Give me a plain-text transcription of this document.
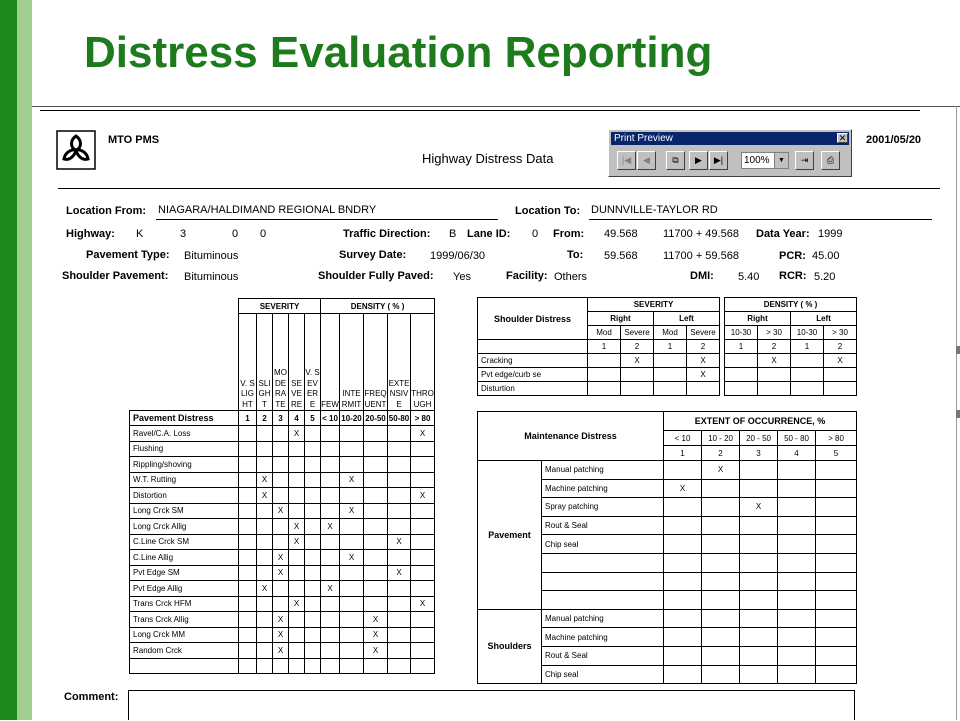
Distress Evaluation Reporting
MTO PMS
Highway Distress Data
2001/05/20
Print Preview	✕
|◀	◀	⧉	▶	▶|	100%	▼	⇥	⎙
Location From: NIAGARA/HALDIMAND REGIONAL BNDRY	Location To: DUNNVILLE-TAYLOR RD
Highway: K	3	0 0	Traffic Direction: B Lane ID: 0 From: 49.568 11700 + 49.568 Data Year: 1999
Pavement Type: Bituminous	Survey Date: 1999/06/30	To: 59.568 11700 + 59.568	PCR: 45.00
Shoulder Pavement: Bituminous	Shoulder Fully Paved: Yes	Facility: Others	DMI: 5.40 RCR: 5.20
	SEVERITY					DENSITY ( % )				

	V. SLIGHT	SLIGHT	MODERATE	SEVERE	V. SEVERE	FEW	INTERMIT	FREQUENT	EXTENSIVE	THROUGH

Pavement Distress	1	2	3	4	5	< 10	10-20	20-50	50-80	> 80
Ravel/C.A. Loss				X						X
Flushing										
Rippling/shoving										
W.T. Rutting		X					X			
Distortion		X								X
Long Crck SM			X				X			
Long Crck Allig				X		X				
C.Line Crck SM				X					X	
C.Line Allig			X				X			
Pvt Edge SM			X						X	
Pvt Edge Allig		X				X				
Trans Crck HFM				X						X
Trans Crck Allig			X					X		
Long Crck MM			X					X		
Random Crck			X					X		

Shoulder Distress	SEVERITY					DENSITY ( % )			
	Right		Left			Right		Left	
	Mod	Severe	Mod	Severe		10-30	> 30	10-30	> 30
	1	2	1	2		1	2	1	2
Cracking		X		X			X		X
Pvt edge/curb se				X					
Disturtion									
Maintenance Distress		EXTENT OF OCCURRENCE, %				
		< 10	10 - 20	20 - 50	50 - 80	> 80
		1	2	3	4	5
Pavement	Manual patching		X			
	Machine patching	X				
	Spray patching			X		
	Rout & Seal					
	Chip seal					

Shoulders	Manual patching					
	Machine patching					
	Rout & Seal					
	Chip seal					
Comment:
